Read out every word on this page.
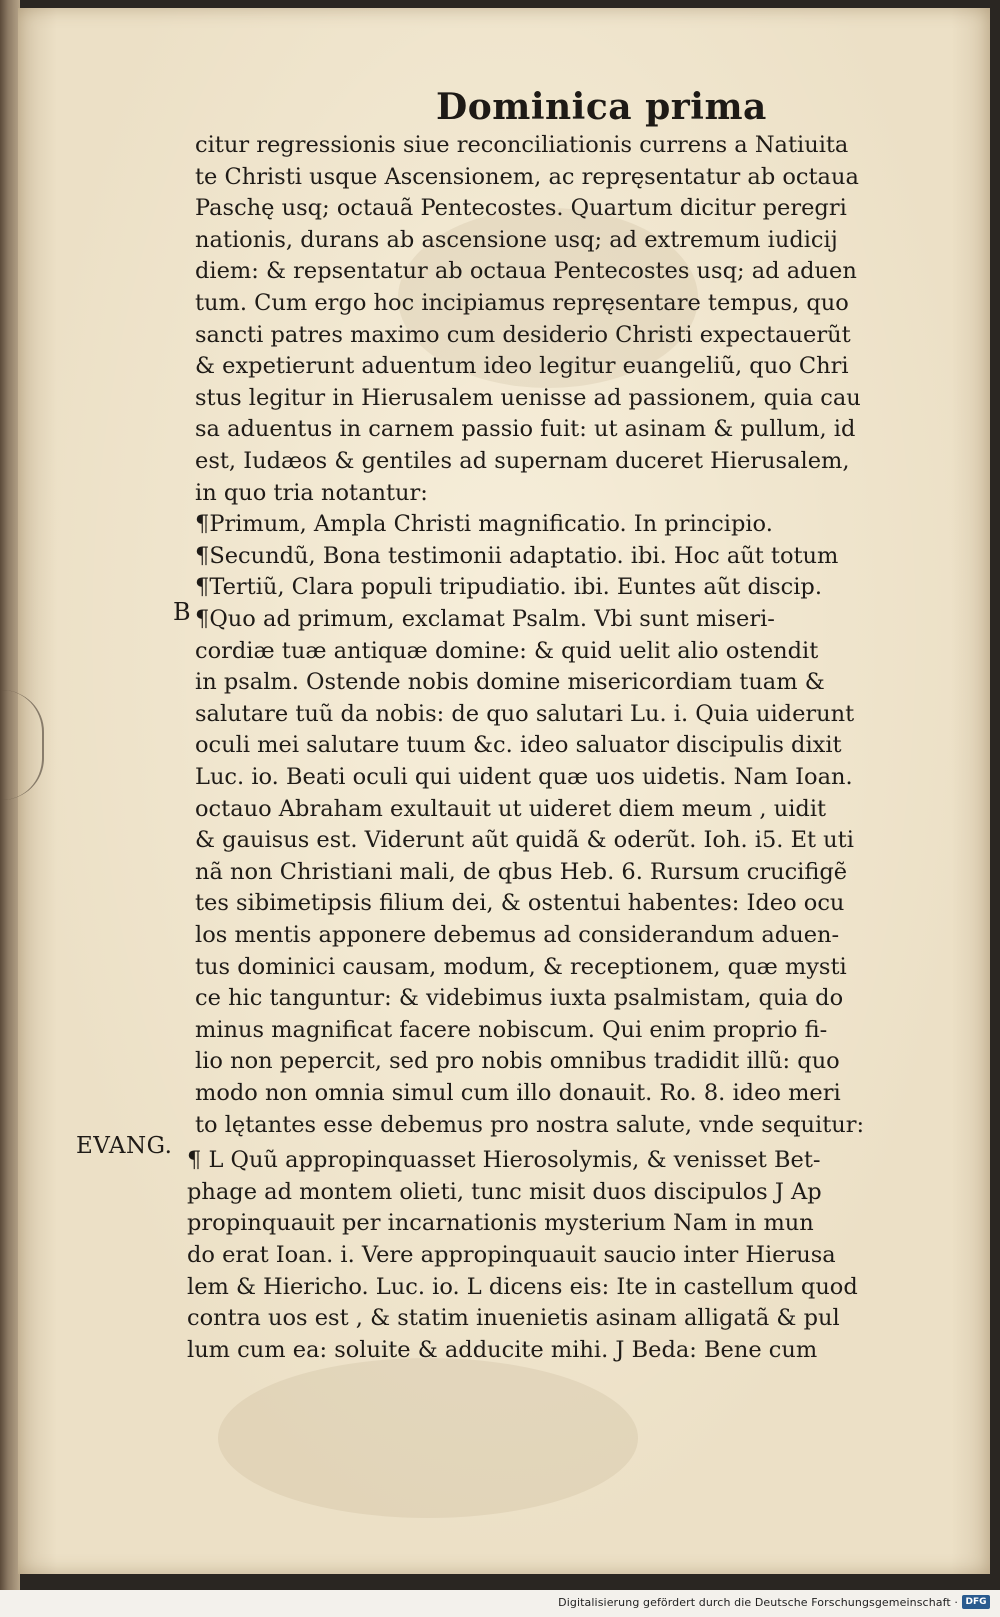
Dominica prima
B
EVANG.
citur regressionis siue reconciliationis currens a Natiuita
te Christi usque Ascensionem, ac repręsentatur ab octaua
Paschę usq; octauã Pentecostes. Quartum dicitur peregri
nationis, durans ab ascensione usq; ad extremum iudicij
diem: & repsentatur ab octaua Pentecostes usq; ad aduen
tum. Cum ergo hoc incipiamus repręsentare tempus, quo
sancti patres maximo cum desiderio Christi expectauerũt
& expetierunt aduentum ideo legitur euangeliũ, quo Chri
stus legitur in Hierusalem uenisse ad passionem, quia cau
sa aduentus in carnem passio fuit: ut asinam & pullum, id
est, Iudæos & gentiles ad supernam duceret Hierusalem,
in quo tria notantur:
¶Primum, Ampla Christi magnificatio. In principio.
¶Secundũ, Bona testimonii adaptatio. ibi. Hoc aũt totum
¶Tertiũ, Clara populi tripudiatio. ibi. Euntes aũt discip.
¶Quo ad primum, exclamat Psalm. Vbi sunt miseri-
cordiæ tuæ antiquæ domine: & quid uelit alio ostendit
in psalm. Ostende nobis domine misericordiam tuam &
salutare tuũ da nobis: de quo salutari Lu. i. Quia uiderunt
oculi mei salutare tuum &c. ideo saluator discipulis dixit
Luc. io. Beati oculi qui uident quæ uos uidetis. Nam Ioan.
octauo Abraham exultauit ut uideret diem meum , uidit
& gauisus est. Viderunt aũt quidã & oderũt. Ioh. i5. Et uti
nã non Christiani mali, de qbus Heb. 6. Rursum crucifigẽ
tes sibimetipsis filium dei, & ostentui habentes: Ideo ocu
los mentis apponere debemus ad considerandum aduen-
tus dominici causam, modum, & receptionem, quæ mysti
ce hic tanguntur: & videbimus iuxta psalmistam, quia do
minus magnificat facere nobiscum. Qui enim proprio fi-
lio non pepercit, sed pro nobis omnibus tradidit illũ: quo
modo non omnia simul cum illo donauit. Ro. 8. ideo meri
to lętantes esse debemus pro nostra salute, vnde sequitur:
¶ L Quũ appropinquasset Hierosolymis, & venisset Bet-
phage ad montem olieti, tunc misit duos discipulos J Ap
propinquauit per incarnationis mysterium Nam in mun
do erat Ioan. i. Vere appropinquauit saucio inter Hierusa
lem & Hiericho. Luc. io. L dicens eis: Ite in castellum quod
contra uos est , & statim inuenietis asinam alligatã & pul
lum cum ea: soluite & adducite mihi. J Beda: Bene cum
Digitalisierung gefördert durch die Deutsche Forschungsgemeinschaft · DFG
